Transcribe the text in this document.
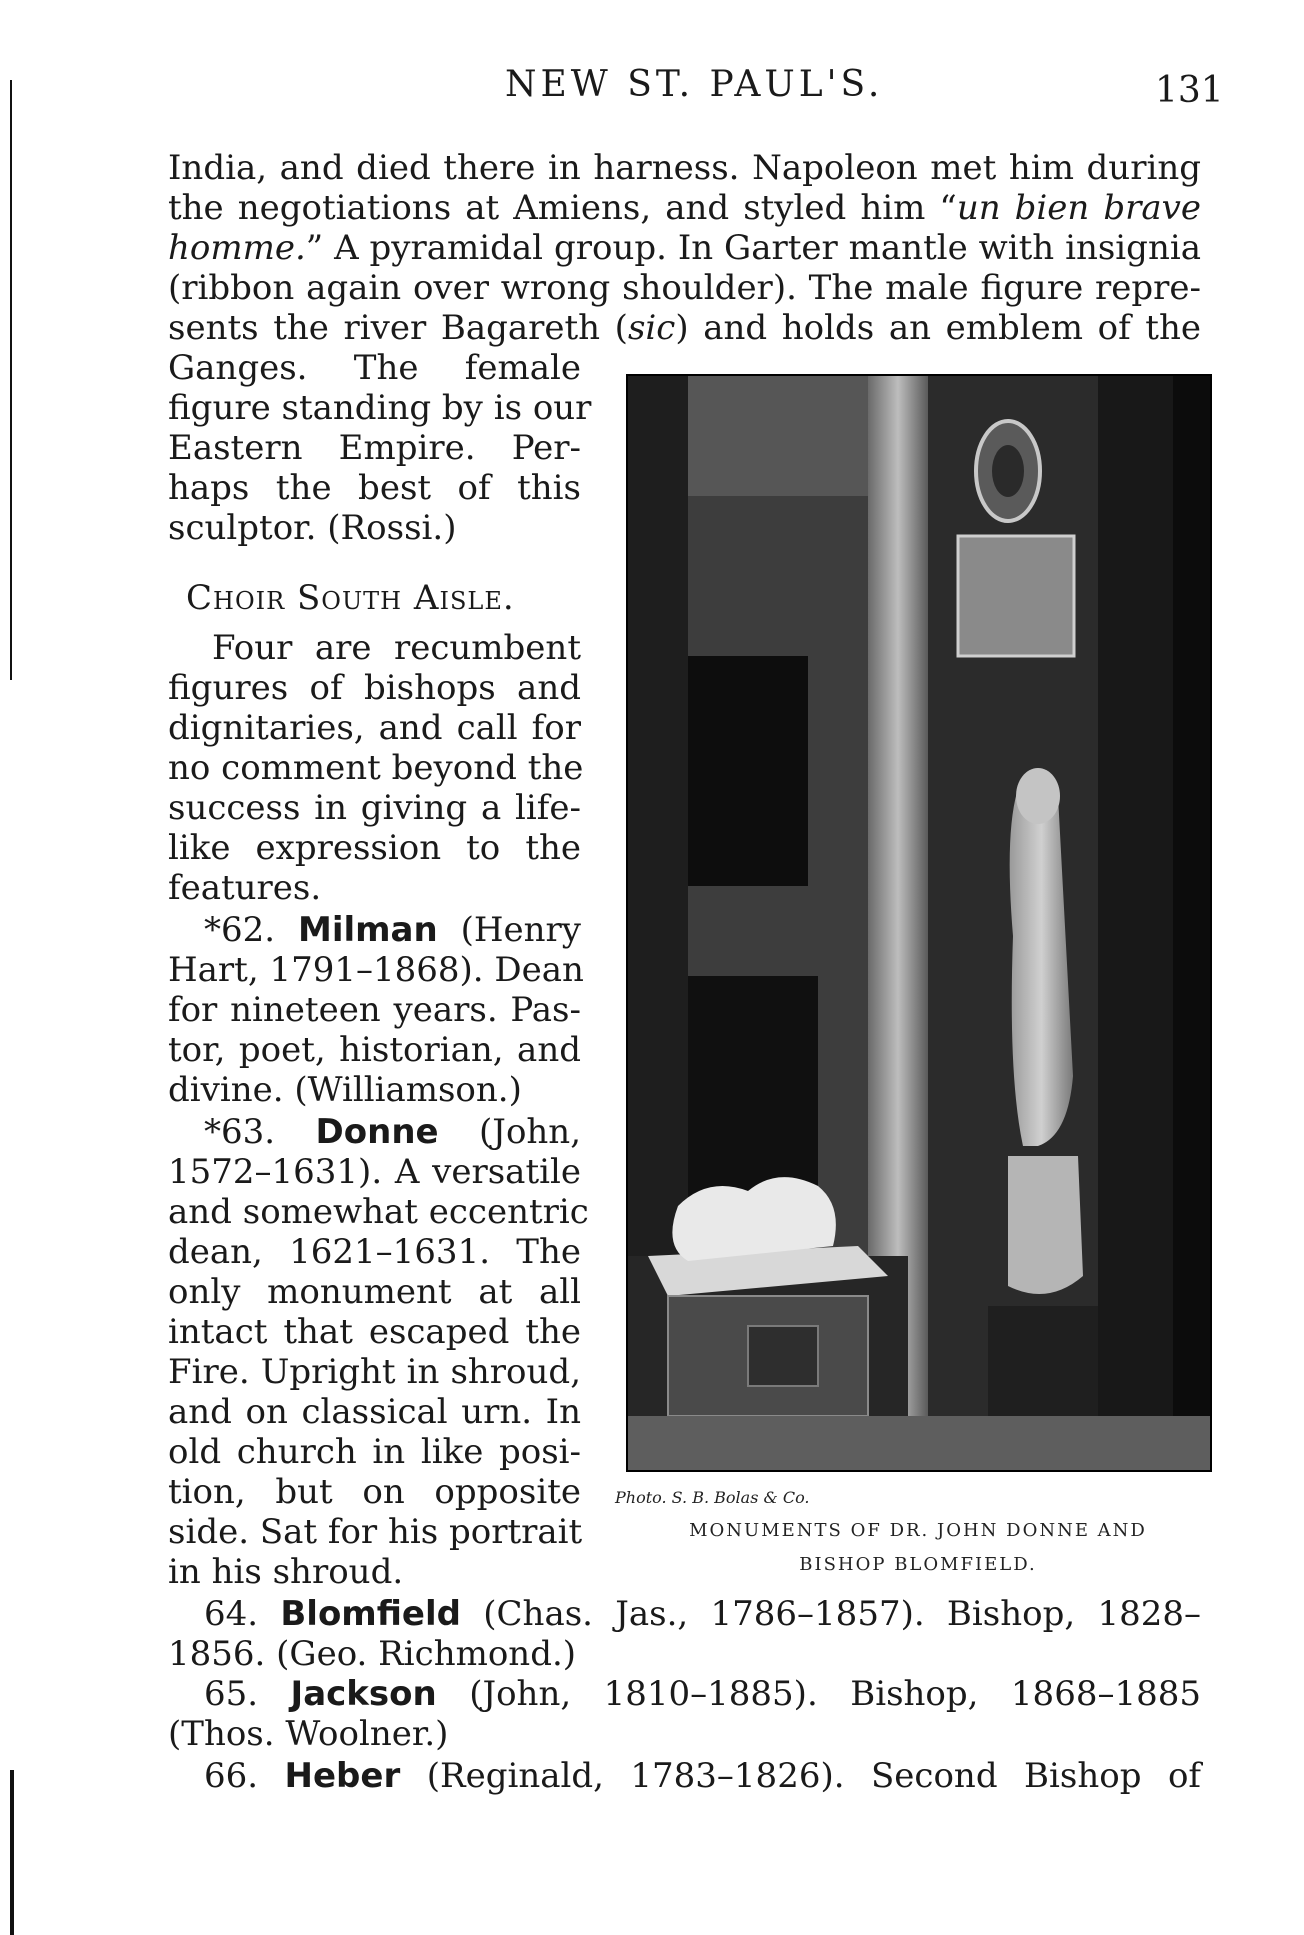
NEW ST. PAUL'S.	131
India, and died there in harness. Napoleon met him during
the negotiations at Amiens, and styled him “un bien brave
homme.” A pyramidal group. In Garter mantle with insignia
(ribbon again over wrong shoulder). The male figure repre-
sents the river Bagareth (sic) and holds an emblem of the
Ganges. The female
figure standing by is our
Eastern Empire. Per-
haps the best of this
sculptor. (Rossi.)
Choir South Aisle.
Four are recumbent
figures of bishops and
dignitaries, and call for
no comment beyond the
success in giving a life-
like expression to the
features.
*62. Milman (Henry
Hart, 1791–1868). Dean
for nineteen years. Pas-
tor, poet, historian, and
divine. (Williamson.)
*63. Donne (John,
1572–1631). A versatile
and somewhat eccentric
dean, 1621–1631. The
only monument at all
intact that escaped the
Fire. Upright in shroud,
and on classical urn. In
old church in like posi-
tion, but on opposite
side. Sat for his portrait
in his shroud.
Photo. S. B. Bolas & Co.
MONUMENTS OF DR. JOHN DONNE AND
BISHOP BLOMFIELD.
64. Blomfield (Chas. Jas., 1786–1857). Bishop, 1828–
1856. (Geo. Richmond.)
65. Jackson (John, 1810–1885). Bishop, 1868–1885
(Thos. Woolner.)
66. Heber (Reginald, 1783–1826). Second Bishop of
